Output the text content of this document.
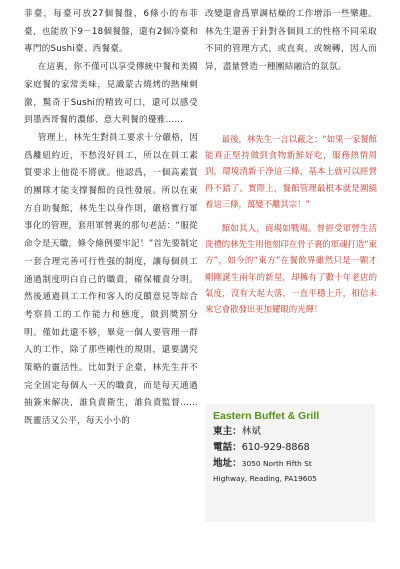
菲臺，每臺可放27個餐盤，6條小的布菲臺，也能放下9－18個餐盤，還有2個冷臺和專門的Sushi臺、西餐臺。

在這裏，你不僅可以享受傳統中餐和美國家庭餐的家常美味，見識蒙古燒烤的熱辣刺激，驚奇于Sushi的精致可口，還可以感受到墨西哥餐的濃郁、意大利餐的優雅……

管理上，林先生對員工要求十分嚴格，因爲離紐約近，不愁沒好員工，所以在員工素質要求上他從不將就。他認爲，一個高素質的團隊才能支撑餐館的良性發展。所以在東方自助餐館，林先生以身作則，嚴格實行軍事化的管理，套用軍營裏的那句老話：“服從命令是天職，條令條例要牢記！”首先要制定一套合理完善可行性强的制度，讓每個員工通過制度明白自己的職責，確保權責分明。然後通過員工工作和客人的反饋意見等綜合考察員工的工作能力和態度，做到獎罰分明。僅如此還不够，畢竟一個人要管理一群人的工作，除了那些剛性的規則，還要講究策略的靈活性。比如對于企臺，林先生并不完全固定每個人一天的職責，而是每天通過抽簽來解决，誰負責衛生，誰負責監督……既靈活又公平，每天小小的

改變還會爲單調枯燥的工作增添一些樂趣。林先生還善于針對各個員工的性格不同采取不同的管理方式，或直爽，或婉轉，因人而异，盡量營造一種團結融洽的氛氛。

最後，林先生一言以蔽之：“如果一家餐館能真正堅持做到食物新鮮好吃，服務熱情周到，環境清新干净這三條，基本上就可以經營得不錯了。實際上，餐館管理最根本就是圍繞着這三條，萬變不離其宗！”

館如其人，商場如戰場。曾經受軍營生活洗禮的林先生用他刻印在骨子裏的軍魂打造“東方”，如今的“東方”在餐飲界雖然只是一顆才剛剛誕生兩年的新星，却擁有了數十年老店的氣度，沒有大起大落，一直平穩上升，相信未來它會散發出更加耀眼的光輝！

Eastern Buffet & Grill
東主：林斌
電話：610-929-8868
地址：3050 North Fifth St
Highway, Reading, PA19605
